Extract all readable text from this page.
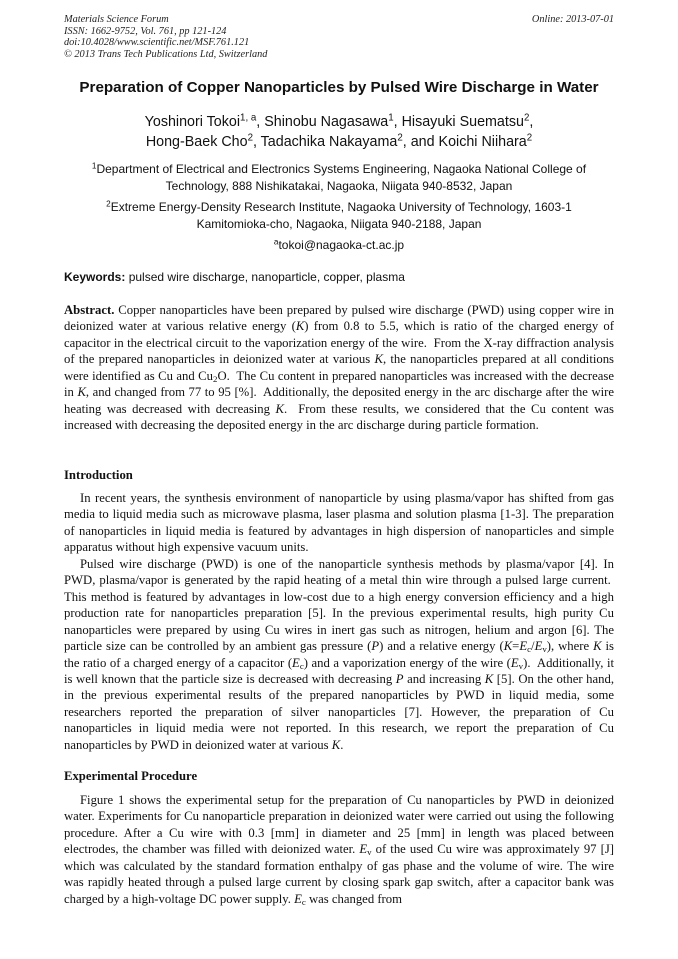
Materials Science Forum
ISSN: 1662-9752, Vol. 761, pp 121-124
doi:10.4028/www.scientific.net/MSF.761.121
© 2013 Trans Tech Publications Ltd, Switzerland
Online: 2013-07-01
Preparation of Copper Nanoparticles by Pulsed Wire Discharge in Water
Yoshinori Tokoi$^{1, a}$, Shinobu Nagasawa$^1$, Hisayuki Suematsu$^2$,
Hong-Baek Cho$^2$, Tadachika Nakayama$^2$, and Koichi Niihara$^2$

$^1$Department of Electrical and Electronics Systems Engineering, Nagaoka National College of Technology, 888 Nishikatakai, Nagaoka, Niigata 940-8532, Japan

$^2$Extreme Energy-Density Research Institute, Nagaoka University of Technology, 1603-1 Kamitomioka-cho, Nagaoka, Niigata 940-2188, Japan

$^a$tokoi@nagaoka-ct.ac.jp

Keywords: pulsed wire discharge, nanoparticle, copper, plasma

Abstract. Copper nanoparticles have been prepared by pulsed wire discharge (PWD) using copper wire in deionized water at various relative energy (K) from 0.8 to 5.5, which is ratio of the charged energy of capacitor in the electrical circuit to the vaporization energy of the wire.  From the X-ray diffraction analysis of the prepared nanoparticles in deionized water at various K, the nanoparticles prepared at all conditions were identified as Cu and $Cu_2O$.  The Cu content in prepared nanoparticles was increased with the decrease in K, and changed from 77 to 95 [%].  Additionally, the deposited energy in the arc discharge after the wire heating was decreased with decreasing K.  From these results, we considered that the Cu content was increased with decreasing the deposited energy in the arc discharge during particle formation.

Introduction

In recent years, the synthesis environment of nanoparticle by using plasma/vapor has shifted from gas media to liquid media such as microwave plasma, laser plasma and solution plasma [1-3]. The preparation of nanoparticles in liquid media is featured by advantages in high dispersion of nanoparticles and simple apparatus without high expensive vacuum units.

Pulsed wire discharge (PWD) is one of the nanoparticle synthesis methods by plasma/vapor [4]. In PWD, plasma/vapor is generated by the rapid heating of a metal thin wire through a pulsed large current.  This method is featured by advantages in low-cost due to a high energy conversion efficiency and a high production rate for nanoparticles preparation [5]. In the previous experimental results, high purity Cu nanoparticles were prepared by using Cu wires in inert gas such as nitrogen, helium and argon [6]. The particle size can be controlled by an ambient gas pressure (P) and a relative energy $(K=E_c/E_v)$, where K is the ratio of a charged energy of a capacitor $(E_c)$ and a vaporization energy of the wire $(E_v)$.  Additionally, it is well known that the particle size is decreased with decreasing P and increasing K [5]. On the other hand, in the previous experimental results of the prepared nanoparticles by PWD in liquid media, some researchers reported the preparation of silver nanoparticles [7]. However, the preparation of Cu nanoparticles in liquid media were not reported. In this research, we report the preparation of Cu nanoparticles by PWD in deionized water at various K.

Experimental Procedure

Figure 1 shows the experimental setup for the preparation of Cu nanoparticles by PWD in deionized water. Experiments for Cu nanoparticle preparation in deionized water were carried out using the following procedure. After a Cu wire with 0.3 [mm] in diameter and 25 [mm] in length was placed between electrodes, the chamber was filled with deionized water. $E_v$ of the used Cu wire was approximately 97 [J] which was calculated by the standard formation enthalpy of gas phase and the volume of wire. The wire was rapidly heated through a pulsed large current by closing spark gap switch, after a capacitor bank was charged by a high-voltage DC power supply. $E_c$ was changed from
